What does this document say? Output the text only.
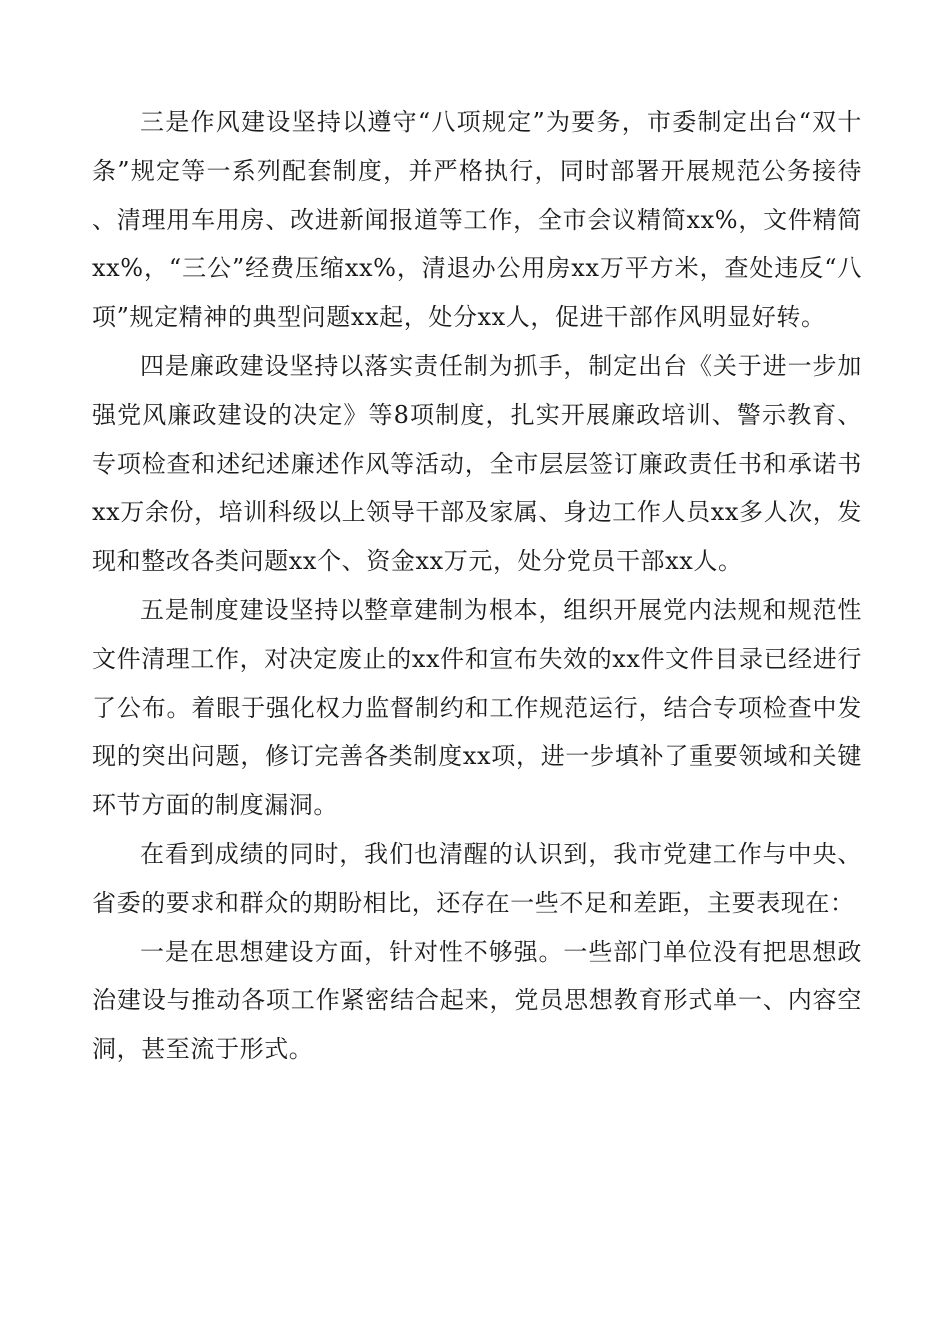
三是作风建设坚持以遵守“八项规定”为要务，市委制定出台“双十条”规定等一系列配套制度，并严格执行，同时部署开展规范公务接待、清理用车用房、改进新闻报道等工作，全市会议精简xx%，文件精简xx%，“三公”经费压缩xx%，清退办公用房xx万平方米，查处违反“八项”规定精神的典型问题xx起，处分xx人，促进干部作风明显好转。

四是廉政建设坚持以落实责任制为抓手，制定出台《关于进一步加强党风廉政建设的决定》等8项制度，扎实开展廉政培训、警示教育、专项检查和述纪述廉述作风等活动，全市层层签订廉政责任书和承诺书xx万余份，培训科级以上领导干部及家属、身边工作人员xx多人次，发现和整改各类问题xx个、资金xx万元，处分党员干部xx人。

五是制度建设坚持以整章建制为根本，组织开展党内法规和规范性文件清理工作，对决定废止的xx件和宣布失效的xx件文件目录已经进行了公布。着眼于强化权力监督制约和工作规范运行，结合专项检查中发现的突出问题，修订完善各类制度xx项，进一步填补了重要领域和关键环节方面的制度漏洞。

在看到成绩的同时，我们也清醒的认识到，我市党建工作与中央、省委的要求和群众的期盼相比，还存在一些不足和差距，主要表现在：

一是在思想建设方面，针对性不够强。一些部门单位没有把思想政治建设与推动各项工作紧密结合起来，党员思想教育形式单一、内容空洞，甚至流于形式。
